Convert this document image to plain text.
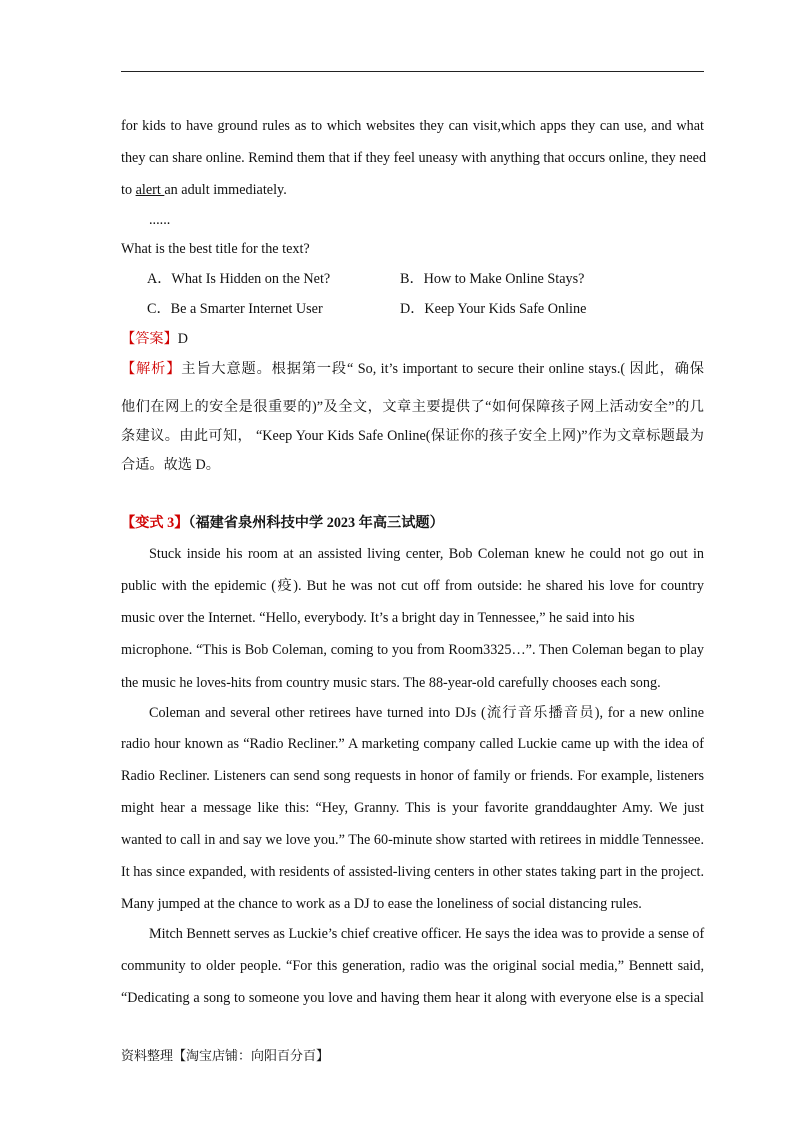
for kids to have ground rules as to which websites they can visit,which apps they can use, and what
they can share online. Remind them that if they feel uneasy with anything that occurs online, they need
to alert an adult immediately.
......
What is the best title for the text?
A．What Is Hidden on the Net?	B．How to Make Online Stays?
C．Be a Smarter Internet User	D．Keep Your Kids Safe Online
【答案】D
【解析】主旨大意题。根据第一段“ So, it’s important to secure their online stays.( 因此，确保
他们在网上的安全是很重要的)”及全文，文章主要提供了“如何保障孩子网上活动安全”的几
条建议。由此可知， “Keep Your Kids Safe Online(保证你的孩子安全上网)”作为文章标题最为
合适。故选 D。
【变式 3】（福建省泉州科技中学 2023 年高三试题）
Stuck inside his room at an assisted living center, Bob Coleman knew he could not go out in
public with the epidemic (疫). But he was not cut off from outside: he shared his love for country
music over the Internet. “Hello, everybody. It’s a bright day in Tennessee,” he said into his
microphone. “This is Bob Coleman, coming to you from Room3325…”. Then Coleman began to play
the music he loves-hits from country music stars. The 88-year-old carefully chooses each song.
Coleman and several other retirees have turned into DJs (流行音乐播音员), for a new online
radio hour known as “Radio Recliner.” A marketing company called Luckie came up with the idea of
Radio Recliner. Listeners can send song requests in honor of family or friends. For example, listeners
might hear a message like this: “Hey, Granny. This is your favorite granddaughter Amy. We just
wanted to call in and say we love you.” The 60-minute show started with retirees in middle Tennessee.
It has since expanded, with residents of assisted-living centers in other states taking part in the project.
Many jumped at the chance to work as a DJ to ease the loneliness of social distancing rules.
Mitch Bennett serves as Luckie’s chief creative officer. He says the idea was to provide a sense of
community to older people. “For this generation, radio was the original social media,” Bennett said,
“Dedicating a song to someone you love and having them hear it along with everyone else is a special
资料整理【淘宝店铺：向阳百分百】
